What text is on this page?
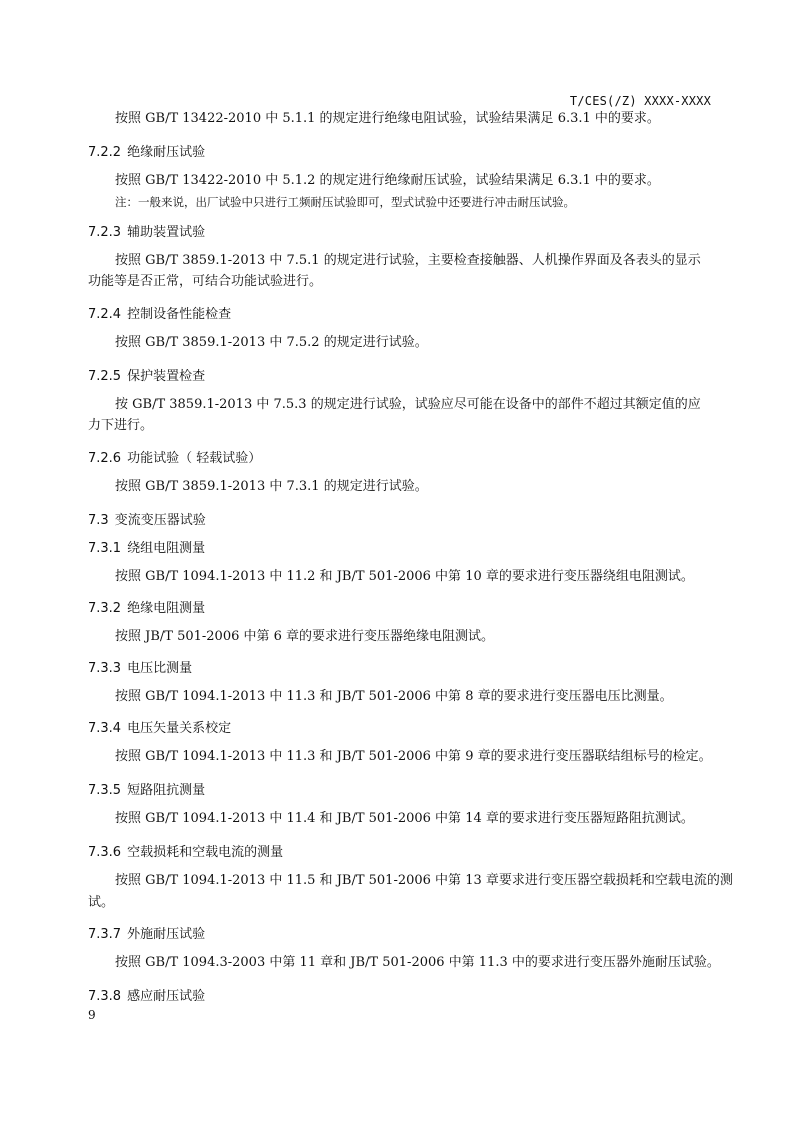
T/CES(/Z) XXXX-XXXX
按照 GB/T 13422-2010 中 5.1.1 的规定进行绝缘电阻试验，试验结果满足 6.3.1 中的要求。
7.2.2 绝缘耐压试验
按照 GB/T 13422-2010 中 5.1.2 的规定进行绝缘耐压试验，试验结果满足 6.3.1 中的要求。
注：一般来说，出厂试验中只进行工频耐压试验即可，型式试验中还要进行冲击耐压试验。
7.2.3 辅助装置试验
按照 GB/T 3859.1-2013 中 7.5.1 的规定进行试验，主要检查接触器、人机操作界面及各表头的显示
功能等是否正常，可结合功能试验进行。
7.2.4 控制设备性能检查
按照 GB/T 3859.1-2013 中 7.5.2 的规定进行试验。
7.2.5 保护装置检查
按 GB/T 3859.1-2013 中 7.5.3 的规定进行试验，试验应尽可能在设备中的部件不超过其额定值的应
力下进行。
7.2.6 功能试验（ 轻载试验）
按照 GB/T 3859.1-2013 中 7.3.1 的规定进行试验。
7.3 变流变压器试验
7.3.1 绕组电阻测量
按照 GB/T 1094.1-2013 中 11.2 和 JB/T 501-2006 中第 10 章的要求进行变压器绕组电阻测试。
7.3.2 绝缘电阻测量
按照 JB/T 501-2006 中第 6 章的要求进行变压器绝缘电阻测试。
7.3.3 电压比测量
按照 GB/T 1094.1-2013 中 11.3 和 JB/T 501-2006 中第 8 章的要求进行变压器电压比测量。
7.3.4 电压矢量关系校定
按照 GB/T 1094.1-2013 中 11.3 和 JB/T 501-2006 中第 9 章的要求进行变压器联结组标号的检定。
7.3.5 短路阻抗测量
按照 GB/T 1094.1-2013 中 11.4 和 JB/T 501-2006 中第 14 章的要求进行变压器短路阻抗测试。
7.3.6 空载损耗和空载电流的测量
按照 GB/T 1094.1-2013 中 11.5 和 JB/T 501-2006 中第 13 章要求进行变压器空载损耗和空载电流的测
试。
7.3.7 外施耐压试验
按照 GB/T 1094.3-2003 中第 11 章和 JB/T 501-2006 中第 11.3 中的要求进行变压器外施耐压试验。
7.3.8 感应耐压试验
9
